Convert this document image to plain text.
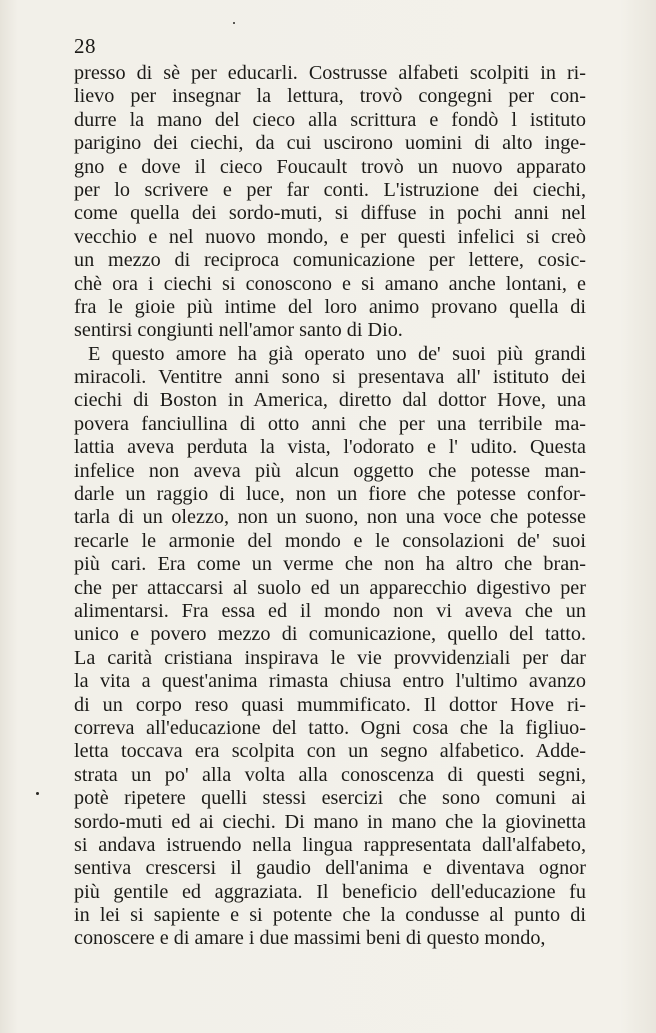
28
presso di sè per educarli. Costrusse alfabeti scolpiti in ri-
lievo per insegnar la lettura, trovò congegni per con-
durre la mano del cieco alla scrittura e fondò l istituto
parigino dei ciechi, da cui uscirono uomini di alto inge-
gno e dove il cieco Foucault trovò un nuovo apparato
per lo scrivere e per far conti. L'istruzione dei ciechi,
come quella dei sordo-muti, si diffuse in pochi anni nel
vecchio e nel nuovo mondo, e per questi infelici si creò
un mezzo di reciproca comunicazione per lettere, cosic-
chè ora i ciechi si conoscono e si amano anche lontani, e
fra le gioie più intime del loro animo provano quella di
sentirsi congiunti nell'amor santo di Dio.
E questo amore ha già operato uno de' suoi più grandi
miracoli. Ventitre anni sono si presentava all' istituto dei
ciechi di Boston in America, diretto dal dottor Hove, una
povera fanciullina di otto anni che per una terribile ma-
lattia aveva perduta la vista, l'odorato e l' udito. Questa
infelice non aveva più alcun oggetto che potesse man-
darle un raggio di luce, non un fiore che potesse confor-
tarla di un olezzo, non un suono, non una voce che potesse
recarle le armonie del mondo e le consolazioni de' suoi
più cari. Era come un verme che non ha altro che bran-
che per attaccarsi al suolo ed un apparecchio digestivo per
alimentarsi. Fra essa ed il mondo non vi aveva che un
unico e povero mezzo di comunicazione, quello del tatto.
La carità cristiana inspirava le vie provvidenziali per dar
la vita a quest'anima rimasta chiusa entro l'ultimo avanzo
di un corpo reso quasi mummificato. Il dottor Hove ri-
correva all'educazione del tatto. Ogni cosa che la figliuo-
letta toccava era scolpita con un segno alfabetico. Adde-
strata un po' alla volta alla conoscenza di questi segni,
potè ripetere quelli stessi esercizi che sono comuni ai
sordo-muti ed ai ciechi. Di mano in mano che la giovinetta
si andava istruendo nella lingua rappresentata dall'alfabeto,
sentiva crescersi il gaudio dell'anima e diventava ognor
più gentile ed aggraziata. Il beneficio dell'educazione fu
in lei si sapiente e si potente che la condusse al punto di
conoscere e di amare i due massimi beni di questo mondo,
